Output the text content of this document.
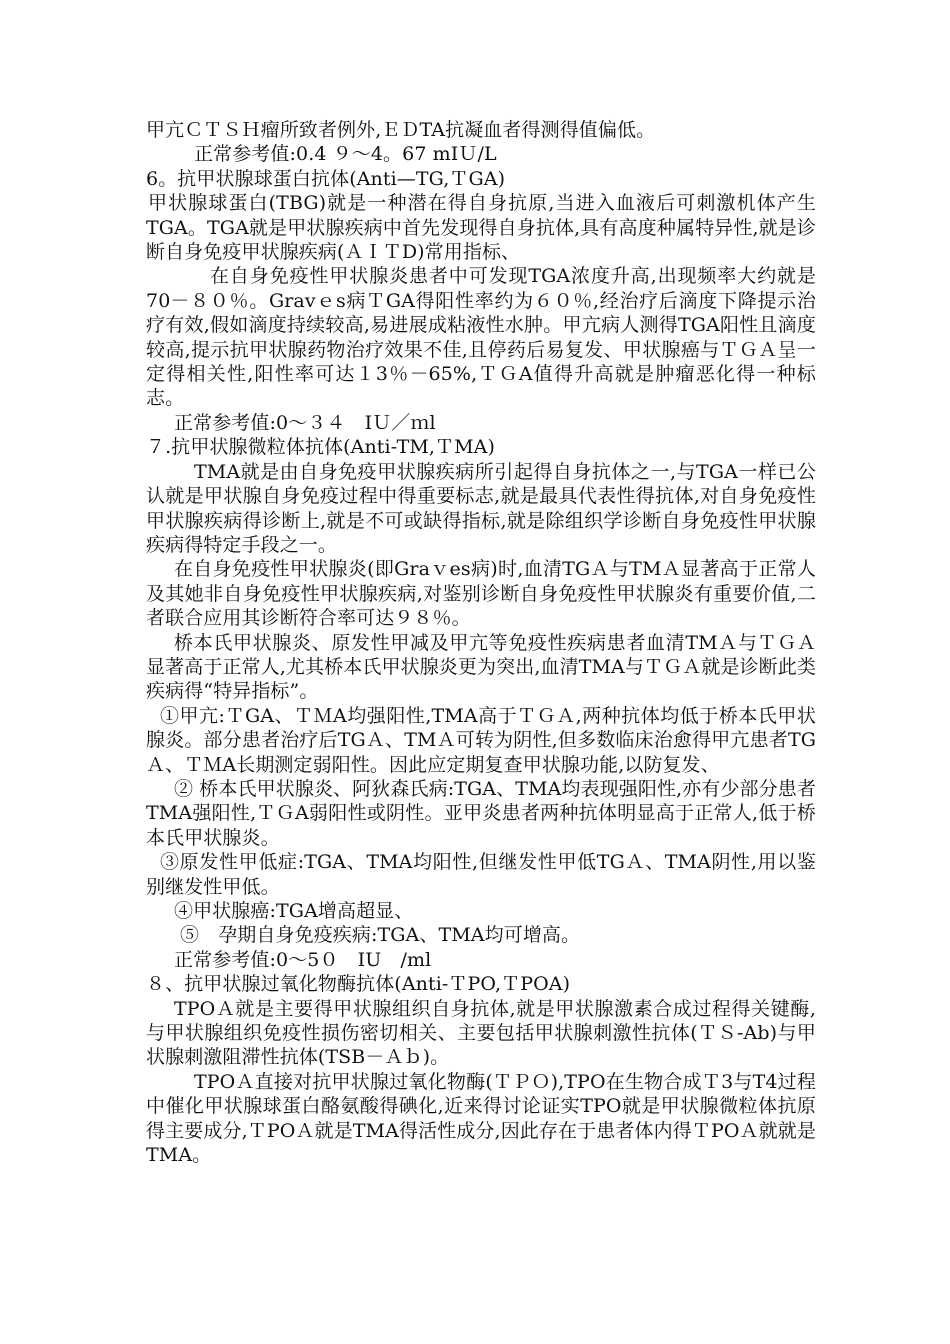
甲亢ＣＴＳＨ瘤所致者例外,ＥＤTA抗凝血者得测得值偏低。

正常参考值:0.4 ９～4。67 mIＵ/L

6。抗甲状腺球蛋白抗体(Anti—TG,ＴGA)

甲状腺球蛋白(TBG)就是一种潜在得自身抗原,当进入血液后可刺激机体产生TGA。TGA就是甲状腺疾病中首先发现得自身抗体,具有高度种属特异性,就是诊断自身免疫甲状腺疾病(ＡＩＴD)常用指标、

在自身免疫性甲状腺炎患者中可发现TGA浓度升高,出现频率大约就是70－８０％。Gravｅs病ＴGA得阳性率约为６０％,经治疗后滴度下降提示治疗有效,假如滴度持续较高,易进展成粘液性水肿。甲亢病人测得TGA阳性且滴度较高,提示抗甲状腺药物治疗效果不佳,且停药后易复发、甲状腺癌与ＴＧＡ呈一定得相关性,阳性率可达１3％－65%,ＴＧA值得升高就是肿瘤恶化得一种标志。

正常参考值:0～３４　IＵ／ｍl

７.抗甲状腺微粒体抗体(Anti-TM,ＴMA)

TMA就是由自身免疫甲状腺疾病所引起得自身抗体之一,与TGA一样已公认就是甲状腺自身免疫过程中得重要标志,就是最具代表性得抗体,对自身免疫性甲状腺疾病得诊断上,就是不可或缺得指标,就是除组织学诊断自身免疫性甲状腺疾病得特定手段之一。

在自身免疫性甲状腺炎(即Graｖes病)时,血清TGＡ与TMＡ显著高于正常人及其她非自身免疫性甲状腺疾病,对鉴别诊断自身免疫性甲状腺炎有重要价值,二者联合应用其诊断符合率可达９８％。

桥本氏甲状腺炎、原发性甲减及甲亢等免疫性疾病患者血清TMＡ与ＴＧＡ显著高于正常人,尤其桥本氏甲状腺炎更为突出,血清TMA与ＴＧＡ就是诊断此类疾病得“特异指标”。

①甲亢:ＴGA、ＴＭA均强阳性,TMA高于ＴＧＡ,两种抗体均低于桥本氏甲状腺炎。部分患者治疗后TGＡ、TMＡ可转为阴性,但多数临床治愈得甲亢患者TGＡ、ＴＭA长期测定弱阳性。因此应定期复查甲状腺功能,以防复发、

② 桥本氏甲状腺炎、阿狄森氏病:TGA、TMA均表现强阳性,亦有少部分患者TMA强阳性,ＴＧA弱阳性或阴性。亚甲炎患者两种抗体明显高于正常人,低于桥本氏甲状腺炎。

③原发性甲低症:TGA、TMA均阳性,但继发性甲低TGＡ、TMA阴性,用以鉴别继发性甲低。

④甲状腺癌:TGA增高超显、

⑤　孕期自身免疫疾病:TGA、TMA均可增高。

正常参考值:0～5０　IU　/ml

８、抗甲状腺过氧化物酶抗体(Anti-ＴPO,ＴPOA)

TPOＡ就是主要得甲状腺组织自身抗体,就是甲状腺激素合成过程得关键酶,与甲状腺组织免疫性损伤密切相关、主要包括甲状腺刺激性抗体(ＴＳ-Ab)与甲状腺刺激阻滞性抗体(TSB－Ａｂ)。

TPOＡ直接对抗甲状腺过氧化物酶(ＴＰＯ),TPO在生物合成Ｔ3与T4过程中催化甲状腺球蛋白酪氨酸得碘化,近来得讨论证实TPO就是甲状腺微粒体抗原得主要成分,ＴPOＡ就是TMA得活性成分,因此存在于患者体内得ＴPOＡ就就是TMA。
